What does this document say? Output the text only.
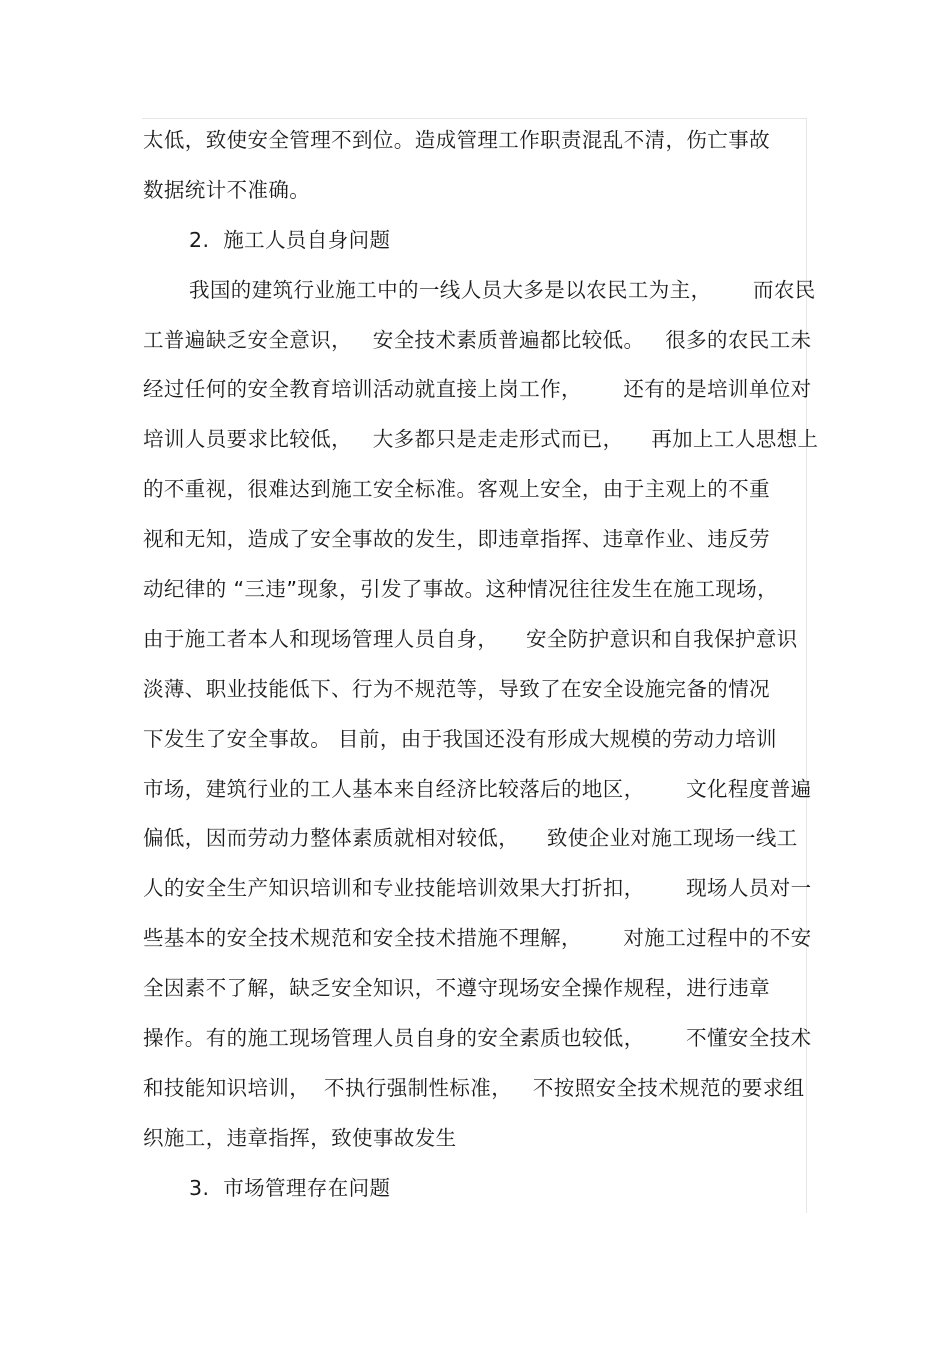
太低，致使安全管理不到位。造成管理工作职责混乱不清，伤亡事故
数据统计不准确。
2.  施工人员自身问题
我国的建筑行业施工中的一线人员大多是以农民工为主，      而农民
工普遍缺乏安全意识，   安全技术素质普遍都比较低。   很多的农民工未
经过任何的安全教育培训活动就直接上岗工作，      还有的是培训单位对
培训人员要求比较低，   大多都只是走走形式而已，    再加上工人思想上
的不重视，很难达到施工安全标准。客观上安全，由于主观上的不重
视和无知，造成了安全事故的发生，即违章指挥、违章作业、违反劳
动纪律的 “三违”现象，引发了事故。这种情况往往发生在施工现场，
由于施工者本人和现场管理人员自身，    安全防护意识和自我保护意识
淡薄、职业技能低下、行为不规范等，导致了在安全设施完备的情况
下发生了安全事故。 目前，由于我国还没有形成大规模的劳动力培训
市场，建筑行业的工人基本来自经济比较落后的地区，      文化程度普遍
偏低，因而劳动力整体素质就相对较低，    致使企业对施工现场一线工
人的安全生产知识培训和专业技能培训效果大打折扣，      现场人员对一
些基本的安全技术规范和安全技术措施不理解，      对施工过程中的不安
全因素不了解，缺乏安全知识，不遵守现场安全操作规程，进行违章
操作。有的施工现场管理人员自身的安全素质也较低，      不懂安全技术
和技能知识培训，  不执行强制性标准，   不按照安全技术规范的要求组
织施工，违章指挥，致使事故发生
3.  市场管理存在问题
